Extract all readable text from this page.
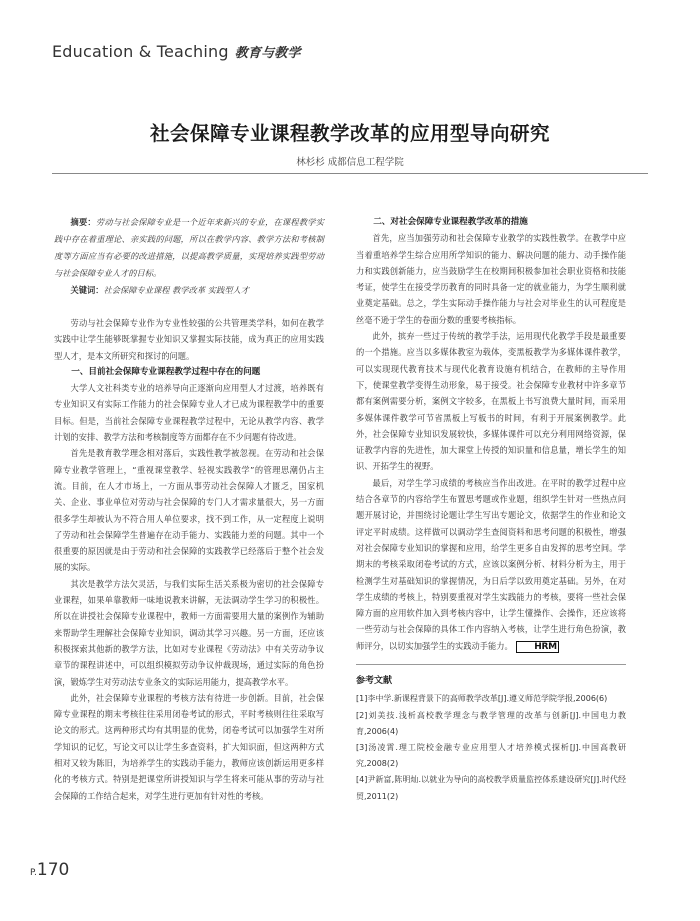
Education & Teaching 教育与教学
社会保障专业课程教学改革的应用型导向研究
林杉杉 成都信息工程学院

摘要：劳动与社会保障专业是一个近年来新兴的专业，在课程教学实践中存在着重理论、亲实践的问题，所以在教学内容、教学方法和考核制度等方面应当有必要的改进措施，以提高教学质量，实现培养实践型劳动与社会保障专业人才的目标。

关键词：社会保障专业课程 教学改革 实践型人才

劳动与社会保障专业作为专业性较强的公共管理类学科，如何在教学实践中让学生能够既掌握专业知识又掌握实际技能，成为真正的应用实践型人才，是本文所研究和探讨的问题。

一、目前社会保障专业课程教学过程中存在的问题

大学人文社科类专业的培养导向正逐渐向应用型人才过渡，培养既有专业知识又有实际工作能力的社会保障专业人才已成为课程教学中的重要目标。但是，当前社会保障专业课程教学过程中，无论从教学内容、教学计划的安排、教学方法和考核制度等方面都存在不少问题有待改进。

首先是教育教学理念相对落后，实践性教学被忽视。在劳动和社会保障专业教学管理上，“重视课堂教学、轻视实践教学”的管理思潮仍占主流。目前，在人才市场上，一方面从事劳动社会保障人才匮乏，国家机关、企业、事业单位对劳动与社会保障的专门人才需求量很大，另一方面很多学生却被认为不符合用人单位要求，找不到工作，从一定程度上说明了劳动和社会保障学生普遍存在动手能力、实践能力差的问题。其中一个很重要的原因就是由于劳动和社会保障的实践教学已经落后于整个社会发展的实际。

其次是教学方法欠灵活，与我们实际生活关系极为密切的社会保障专业课程，如果单靠教师一味地说教来讲解，无法调动学生学习的积极性。所以在讲授社会保障专业课程中，教师一方面需要用大量的案例作为辅助来帮助学生理解社会保障专业知识，调动其学习兴趣。另一方面，还应该积极探索其他新的教学方法，比如对专业课程《劳动法》中有关劳动争议章节的课程讲述中，可以组织模拟劳动争议仲裁现场，通过实际的角色扮演，锻炼学生对劳动法专业条文的实际运用能力，提高教学水平。

此外，社会保障专业课程的考核方法有待进一步创新。目前，社会保障专业课程的期末考核往往采用闭卷考试的形式，平时考核则往往采取写论文的形式。这两种形式均有其明显的优势，闭卷考试可以加强学生对所学知识的记忆，写论文可以让学生多查资料，扩大知识面，但这两种方式相对又较为陈旧，为培养学生的实践动手能力，教师应该创新运用更多样化的考核方式。特别是把课堂所讲授知识与学生将来可能从事的劳动与社会保障的工作结合起来，对学生进行更加有针对性的考核。

二、对社会保障专业课程教学改革的措施

首先，应当加强劳动和社会保障专业教学的实践性教学。在教学中应当着重培养学生综合应用所学知识的能力、解决问题的能力、动手操作能力和实践创新能力，应当鼓励学生在校期间积极参加社会职业资格和技能考证，使学生在接受学历教育的同时具备一定的就业能力，为学生顺利就业奠定基础。总之，学生实际动手操作能力与社会对毕业生的认可程度是丝毫不逊于学生的卷面分数的重要考核指标。

此外，摈弃一些过于传统的教学手法，运用现代化教学手段是最重要的一个措施。应当以多媒体教室为载体，变黑板教学为多媒体课件教学，可以实现现代教育技术与现代化教育设施有机结合，在教师的主导作用下，使课堂教学变得生动形象，易于接受。社会保障专业教材中许多章节都有案例需要分析，案例文字较多，在黑板上书写浪费大量时间，而采用多媒体课件教学可节省黑板上写板书的时间，有利于开展案例教学。此外，社会保障专业知识发展较快，多媒体课件可以充分利用网络资源，保证教学内容的先进性，加大课堂上传授的知识量和信息量，增长学生的知识、开拓学生的视野。

最后，对学生学习成绩的考核应当作出改进。在平时的教学过程中应结合各章节的内容给学生布置思考题或作业题，组织学生针对一些热点问题开展讨论，并围绕讨论题让学生写出专题论文，依据学生的作业和论文评定平时成绩。这样做可以调动学生查阅资料和思考问题的积极性，增强对社会保障专业知识的掌握和应用，给学生更多自由发挥的思考空间。学期末的考核采取闭卷考试的方式，应该以案例分析、材料分析为主，用于检测学生对基础知识的掌握情况，为日后学以致用奠定基础。另外，在对学生成绩的考核上，特别要重视对学生实践能力的考核，要将一些社会保障方面的应用软件加入到考核内容中，让学生懂操作、会操作，还应该将一些劳动与社会保障的具体工作内容纳入考核，让学生进行角色扮演，教师评分，以切实加强学生的实践动手能力。 HRM

参考文献

[1]李中学.新课程背景下的高师教学改革[J].遵义师范学院学报,2006(6)

[2]刘美技.浅析高校教学理念与教学管理的改革与创新[J].中国电力教育,2006(4)

[3]汤凌霄.理工院校金融专业应用型人才培养模式探析[J].中国高教研究,2008(2)

[4]尹新富,陈明灿.以就业为导向的高校教学质量监控体系建设研究[J].时代经贸,2011(2)

P.170
